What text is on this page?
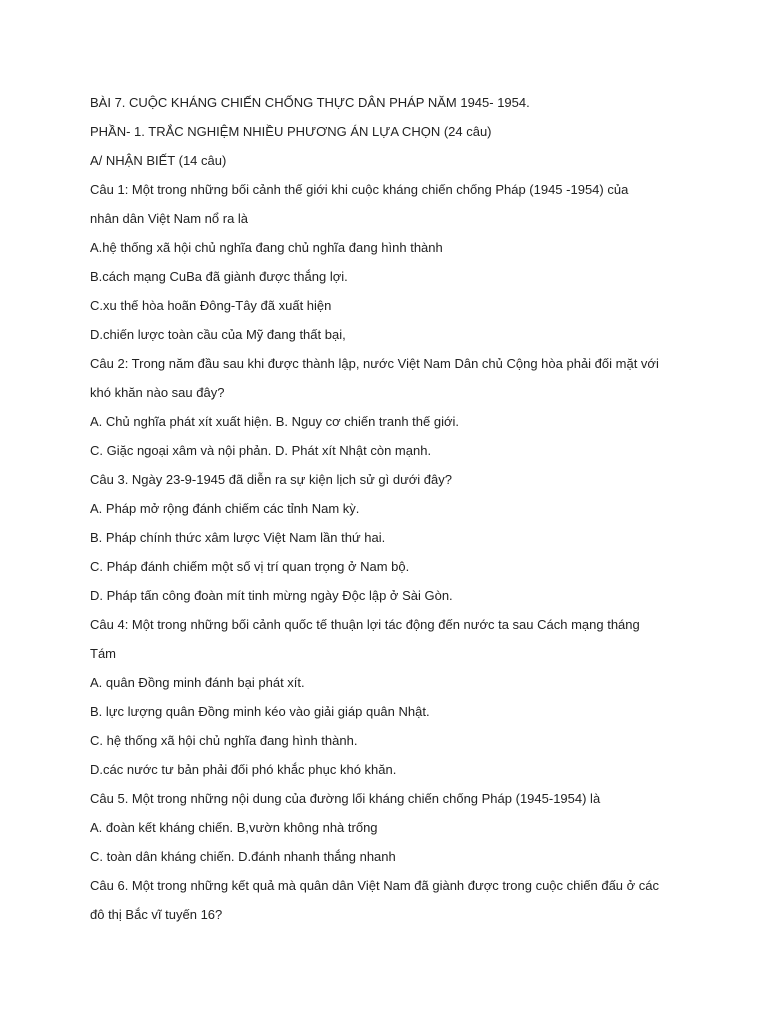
BÀI 7. CUỘC KHÁNG CHIẾN CHỐNG THỰC DÂN PHÁP NĂM 1945- 1954.

PHẦN- 1. TRẮC NGHIỆM NHIỀU PHƯƠNG ÁN LỰA CHỌN (24 câu)

A/ NHẬN BIẾT (14 câu)

Câu 1: Một trong những bối cảnh thế giới khi cuộc kháng chiến chống Pháp (1945 -1954) của

nhân dân Việt Nam nổ ra là

A.hệ thống xã hội chủ nghĩa đang chủ nghĩa đang hình thành

B.cách mạng CuBa đã giành được thắng lợi.

C.xu thế hòa hoãn Đông-Tây đã xuất hiện

D.chiến lược toàn cầu của Mỹ đang thất bại,

Câu 2: Trong năm đầu sau khi được thành lập, nước Việt Nam Dân chủ Cộng hòa phải đối mặt với

khó khăn nào sau đây?

A. Chủ nghĩa phát xít xuất hiện. B. Nguy cơ chiến tranh thế giới.

C. Giặc ngoại xâm và nội phản. D. Phát xít Nhật còn mạnh.

Câu 3. Ngày 23-9-1945 đã diễn ra sự kiện lịch sử gì dưới đây?

A. Pháp mở rộng đánh chiếm các tỉnh Nam kỳ.

B. Pháp chính thức xâm lược Việt Nam lần thứ hai.

C. Pháp đánh chiếm một số vị trí quan trọng ở Nam bộ.

D. Pháp tấn công đoàn mít tinh mừng ngày Độc lập ở Sài Gòn.

Câu 4: Một trong những bối cảnh quốc tế thuận lợi tác động đến nước ta sau Cách mạng tháng

Tám

A. quân Đồng minh đánh bại phát xít.

B. lực lượng quân Đồng minh kéo vào giải giáp quân Nhật.

C. hệ thống xã hội chủ nghĩa đang hình thành.

D.các nước tư bản phải đối phó khắc phục khó khăn.

Câu 5. Một trong những nội dung của đường lối kháng chiến chống Pháp (1945-1954) là

A. đoàn kết kháng chiến. B,vườn không nhà trống

C. toàn dân kháng chiến. D.đánh nhanh thắng nhanh

Câu 6. Một trong những kết quả mà quân dân Việt Nam đã giành được trong cuộc chiến đấu ở các

đô thị Bắc vĩ tuyến 16?
